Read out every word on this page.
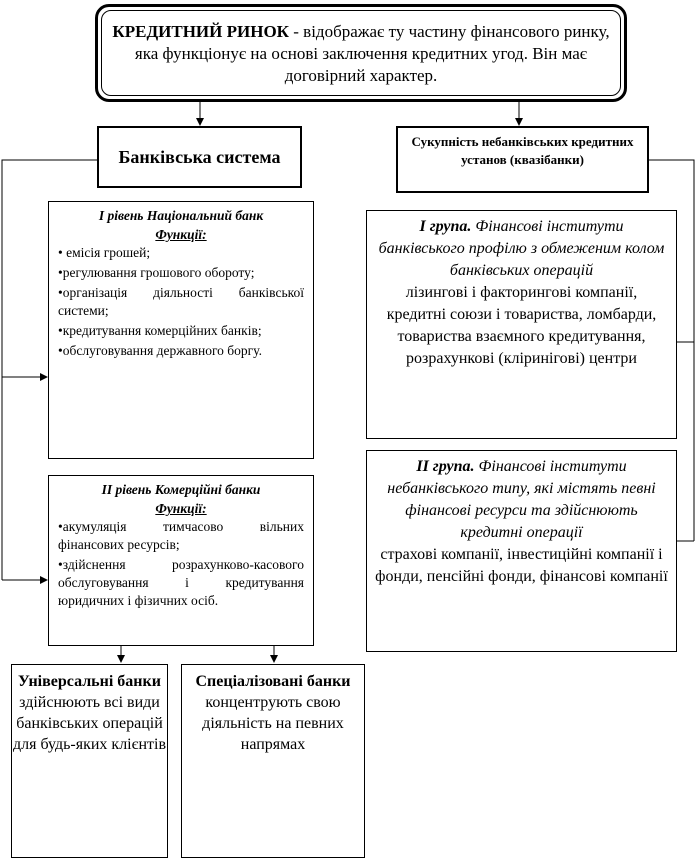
КРЕДИТНИЙ РИНОК - відображає ту частину фінансового ринку, яка функціонує на основі заключення кредитних угод. Він має договірний характер.
Банківська система
Сукупність небанківських кредитних установ (квазібанки)
І рівень Національний банк
Функції:
• емісія грошей;
•регулювання грошового обороту;
•організація діяльності банківської системи;
•кредитування комерційних банків;
•обслуговування державного боргу.
ІІ рівень Комерційні банки
Функції:
•акумуляція тимчасово вільних фінансових ресурсів;
•здійснення розрахунково-касового обслуговування і кредитування юридичних і фізичних осіб.
Універсальні банки
здійснюють всі види банківських операцій для будь-яких клієнтів
Спеціалізовані банки
концентрують свою діяльність на певних напрямах
І група. Фінансові інститути банківського профілю з обмеженим колом банківських операцій
лізингові і факторингові компанії, кредитні союзи і товариства, ломбарди, товариства взаємного кредитування, розрахункові (кліринігові) центри
ІІ група. Фінансові інститути небанківського типу, які містять певні фінансові ресурси та здійснюють кредитні операції
страхові компанії, інвестиційні компанії і фонди, пенсійні фонди, фінансові компанії
